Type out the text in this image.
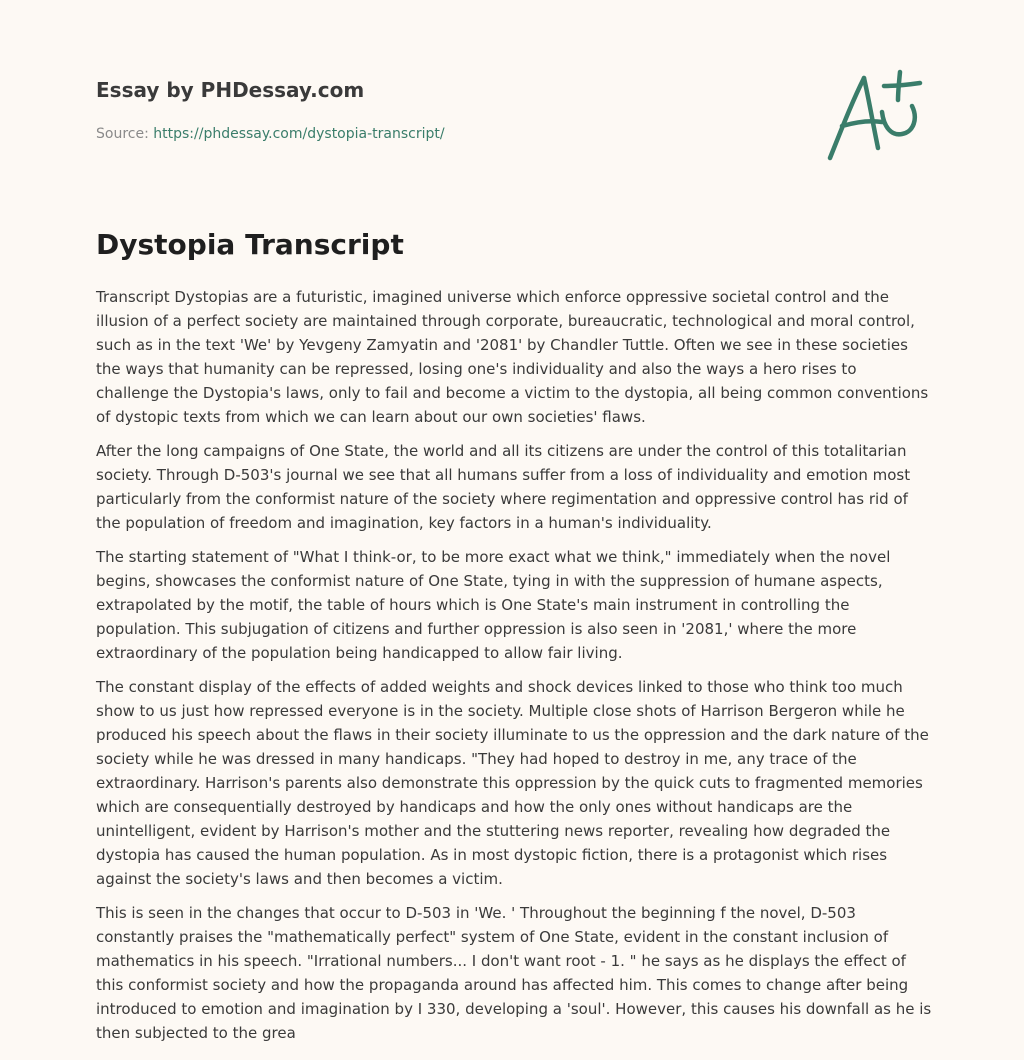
Essay by PHDessay.com
Source: https://phdessay.com/dystopia-transcript/
Dystopia Transcript

Transcript Dystopias are a futuristic, imagined universe which enforce oppressive societal control and the illusion of a perfect society are maintained through corporate, bureaucratic, technological and moral control, such as in the text 'We' by Yevgeny Zamyatin and '2081' by Chandler Tuttle. Often we see in these societies the ways that humanity can be repressed, losing one's individuality and also the ways a hero rises to challenge the Dystopia's laws, only to fail and become a victim to the dystopia, all being common conventions of dystopic texts from which we can learn about our own societies' flaws.

After the long campaigns of One State, the world and all its citizens are under the control of this totalitarian society. Through D-503's journal we see that all humans suffer from a loss of individuality and emotion most particularly from the conformist nature of the society where regimentation and oppressive control has rid of the population of freedom and imagination, key factors in a human's individuality.

The starting statement of "What I think-or, to be more exact what we think," immediately when the novel begins, showcases the conformist nature of One State, tying in with the suppression of humane aspects, extrapolated by the motif, the table of hours which is One State's main instrument in controlling the population. This subjugation of citizens and further oppression is also seen in '2081,' where the more extraordinary of the population being handicapped to allow fair living.

The constant display of the effects of added weights and shock devices linked to those who think too much show to us just how repressed everyone is in the society. Multiple close shots of Harrison Bergeron while he produced his speech about the flaws in their society illuminate to us the oppression and the dark nature of the society while he was dressed in many handicaps. "They had hoped to destroy in me, any trace of the extraordinary. Harrison's parents also demonstrate this oppression by the quick cuts to fragmented memories which are consequentially destroyed by handicaps and how the only ones without handicaps are the unintelligent, evident by Harrison's mother and the stuttering news reporter, revealing how degraded the dystopia has caused the human population. As in most dystopic fiction, there is a protagonist which rises against the society's laws and then becomes a victim.

This is seen in the changes that occur to D-503 in 'We. ' Throughout the beginning f the novel, D-503 constantly praises the "mathematically perfect" system of One State, evident in the constant inclusion of mathematics in his speech. "Irrational numbers... I don't want root - 1. " he says as he displays the effect of this conformist society and how the propaganda around has affected him. This comes to change after being introduced to emotion and imagination by I 330, developing a 'soul'. However, this causes his downfall as he is then subjected to the grea
